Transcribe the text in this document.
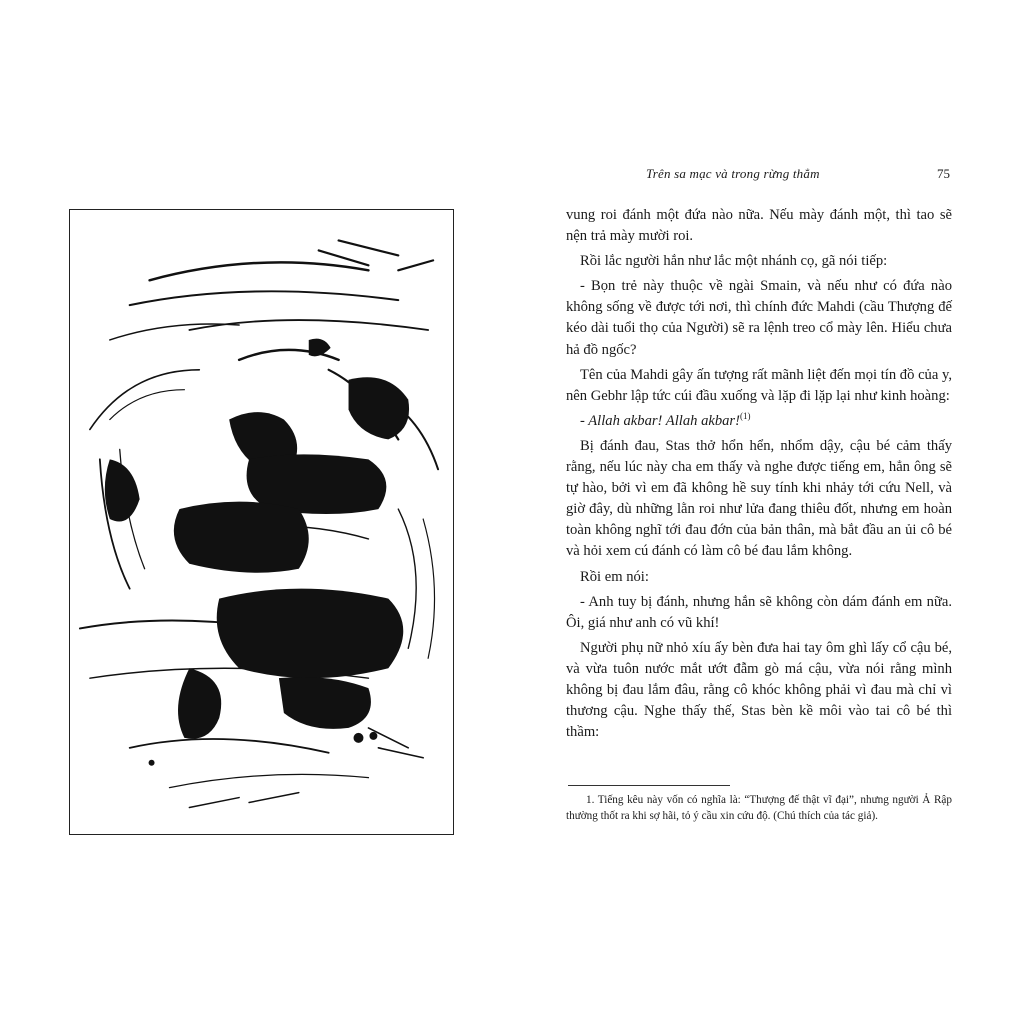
Trên sa mạc và trong rừng thẳm	75

vung roi đánh một đứa nào nữa. Nếu mày đánh một, thì tao sẽ nện trả mày mười roi.

Rồi lắc người hắn như lắc một nhánh cọ, gã nói tiếp:

- Bọn trẻ này thuộc về ngài Smain, và nếu như có đứa nào không sống về được tới nơi, thì chính đức Mahdi (cầu Thượng đế kéo dài tuổi thọ của Người) sẽ ra lệnh treo cổ mày lên. Hiểu chưa hả đồ ngốc?

Tên của Mahdi gây ấn tượng rất mãnh liệt đến mọi tín đồ của y, nên Gebhr lập tức cúi đầu xuống và lặp đi lặp lại như kinh hoàng:

- Allah akbar! Allah akbar!$^{(1)}$

Bị đánh đau, Stas thở hổn hển, nhổm dậy, cậu bé cảm thấy rằng, nếu lúc này cha em thấy và nghe được tiếng em, hẳn ông sẽ tự hào, bởi vì em đã không hề suy tính khi nhảy tới cứu Nell, và giờ đây, dù những lằn roi như lửa đang thiêu đốt, nhưng em hoàn toàn không nghĩ tới đau đớn của bản thân, mà bắt đầu an ủi cô bé và hỏi xem cú đánh có làm cô bé đau lắm không.

Rồi em nói:

- Anh tuy bị đánh, nhưng hắn sẽ không còn dám đánh em nữa. Ôi, giá như anh có vũ khí!

Người phụ nữ nhỏ xíu ấy bèn đưa hai tay ôm ghì lấy cổ cậu bé, và vừa tuôn nước mắt ướt đẫm gò má cậu, vừa nói rằng mình không bị đau lắm đâu, rằng cô khóc không phải vì đau mà chỉ vì thương cậu. Nghe thấy thế, Stas bèn kề môi vào tai cô bé thì thầm:

1. Tiếng kêu này vốn có nghĩa là: “Thượng đế thật vĩ đại”, nhưng người Ả Rập thường thốt ra khi sợ hãi, tỏ ý cầu xin cứu độ. (Chú thích của tác giả).
